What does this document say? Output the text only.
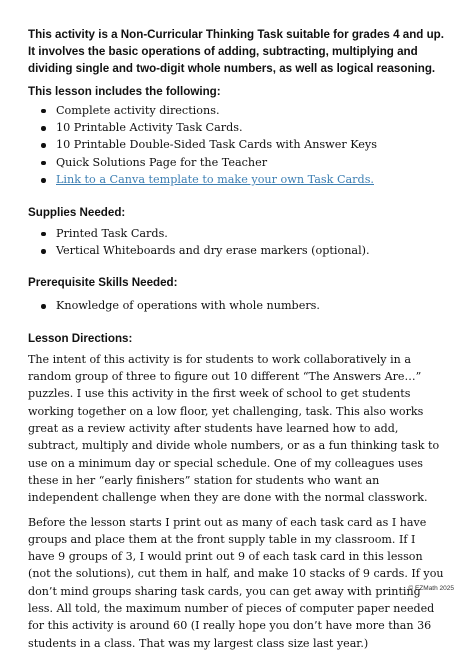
This activity is a Non-Curricular Thinking Task suitable for grades 4 and up. It involves the basic operations of adding, subtracting, multiplying and dividing single and two-digit whole numbers, as well as logical reasoning.

This lesson includes the following:
Complete activity directions.
10 Printable Activity Task Cards.
10 Printable Double-Sided Task Cards with Answer Keys
Quick Solutions Page for the Teacher
Link to a Canva template to make your own Task Cards.
Supplies Needed:
Printed Task Cards.
Vertical Whiteboards and dry erase markers (optional).
Prerequisite Skills Needed:
Knowledge of operations with whole numbers.
Lesson Directions:

The intent of this activity is for students to work collaboratively in a random group of three to figure out 10 different “The Answers Are…” puzzles. I use this activity in the first week of school to get students working together on a low floor, yet challenging, task. This also works great as a review activity after students have learned how to add, subtract, multiply and divide whole numbers, or as a fun thinking task to use on a minimum day or special schedule. One of my colleagues uses these in her “early finishers” station for students who want an independent challenge when they are done with the normal classwork.

Before the lesson starts I print out as many of each task card as I have groups and place them at the front supply table in my classroom. If I have 9 groups of 3, I would print out 9 of each task card in this lesson (not the solutions), cut them in half, and make 10 stacks of 9 cards. If you don’t mind groups sharing task cards, you can get away with printing less. All told, the maximum number of pieces of computer paper needed for this activity is around 60 (I really hope you don’t have more than 36 students in a class. That was my largest class size last year.)

© EZMath 2025
